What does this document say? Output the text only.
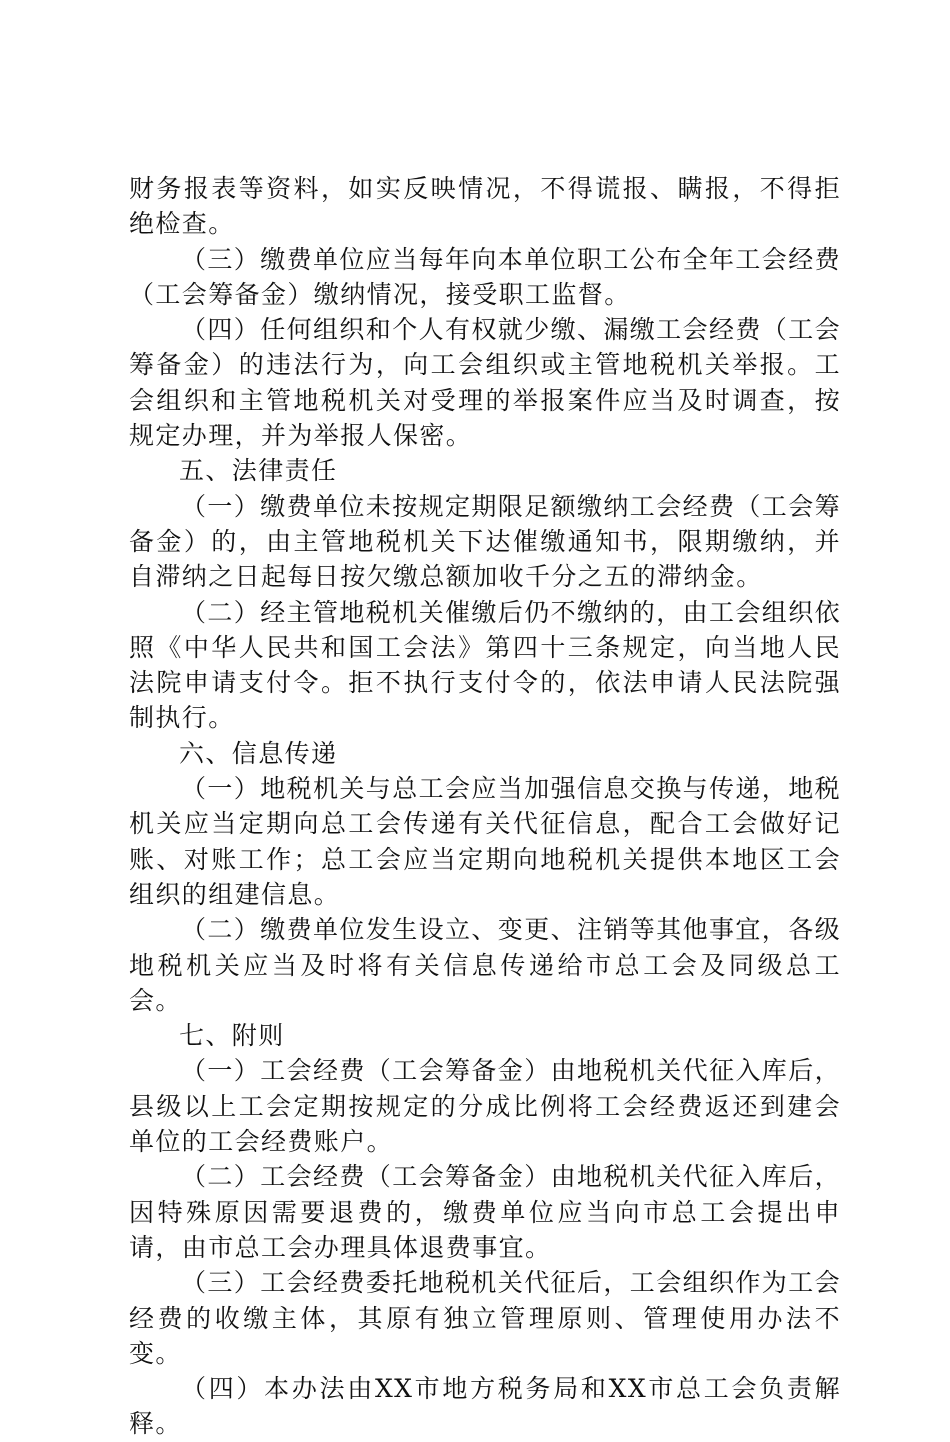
财务报表等资料，如实反映情况，不得谎报、瞒报，不得拒绝检查。

（三）缴费单位应当每年向本单位职工公布全年工会经费（工会筹备金）缴纳情况，接受职工监督。

（四）任何组织和个人有权就少缴、漏缴工会经费（工会筹备金）的违法行为，向工会组织或主管地税机关举报。工会组织和主管地税机关对受理的举报案件应当及时调查，按规定办理，并为举报人保密。

五、法律责任

（一）缴费单位未按规定期限足额缴纳工会经费（工会筹备金）的，由主管地税机关下达催缴通知书，限期缴纳，并自滞纳之日起每日按欠缴总额加收千分之五的滞纳金。

（二）经主管地税机关催缴后仍不缴纳的，由工会组织依照《中华人民共和国工会法》第四十三条规定，向当地人民法院申请支付令。拒不执行支付令的，依法申请人民法院强制执行。

六、信息传递

（一）地税机关与总工会应当加强信息交换与传递，地税机关应当定期向总工会传递有关代征信息，配合工会做好记账、对账工作；总工会应当定期向地税机关提供本地区工会组织的组建信息。

（二）缴费单位发生设立、变更、注销等其他事宜，各级地税机关应当及时将有关信息传递给市总工会及同级总工会。

七、附则

（一）工会经费（工会筹备金）由地税机关代征入库后，县级以上工会定期按规定的分成比例将工会经费返还到建会单位的工会经费账户。

（二）工会经费（工会筹备金）由地税机关代征入库后，因特殊原因需要退费的，缴费单位应当向市总工会提出申请，由市总工会办理具体退费事宜。

（三）工会经费委托地税机关代征后，工会组织作为工会经费的收缴主体，其原有独立管理原则、管理使用办法不变。

（四）本办法由XX市地方税务局和XX市总工会负责解释。
